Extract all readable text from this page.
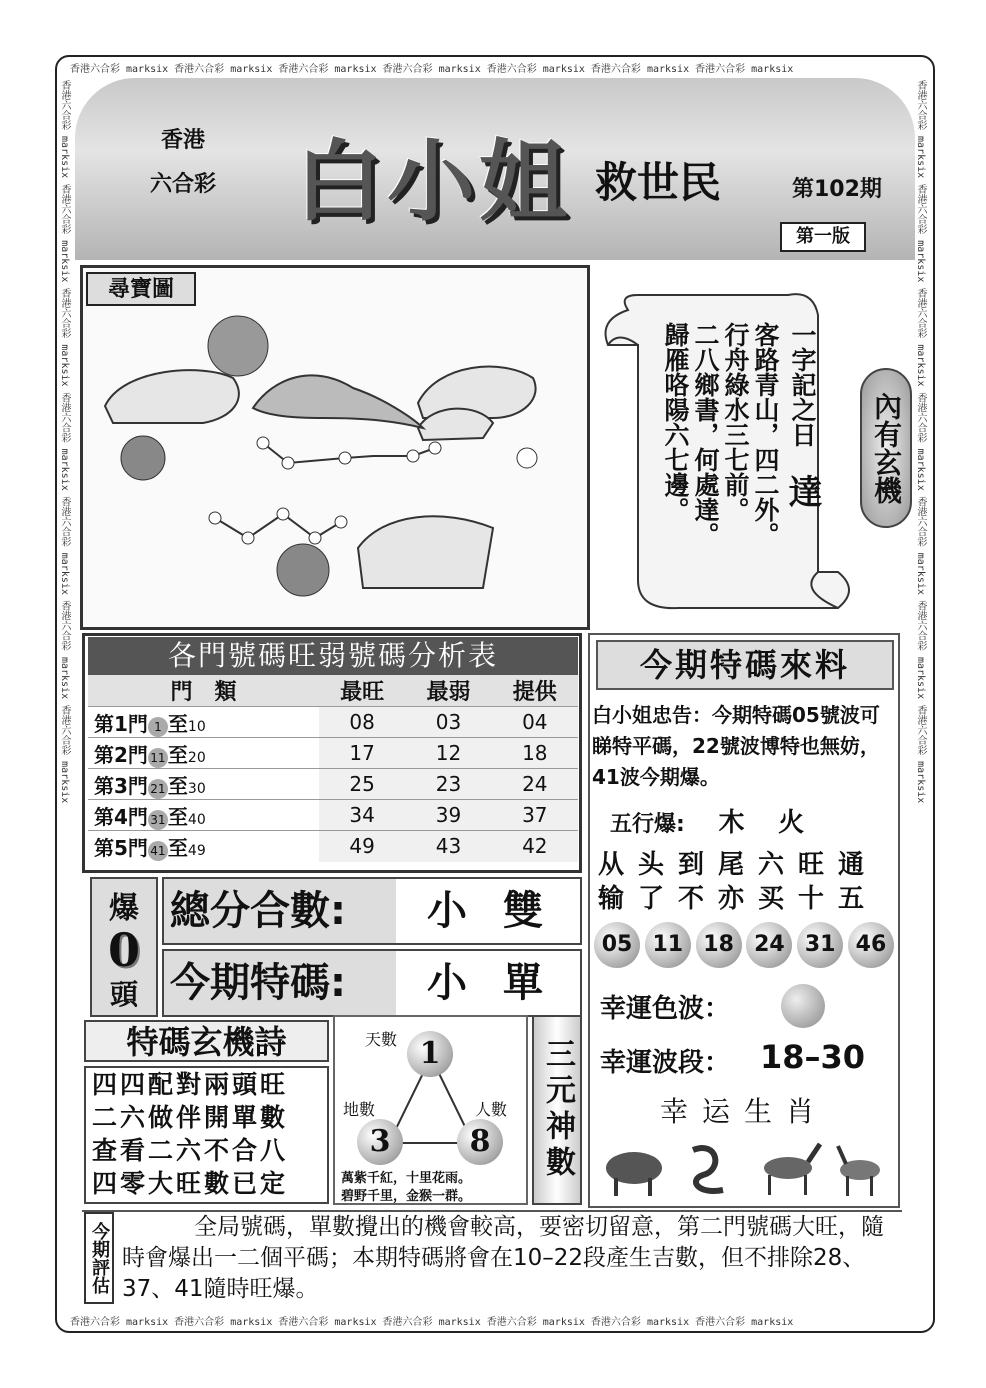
香港六合彩 marksix 香港六合彩 marksix 香港六合彩 marksix 香港六合彩 marksix 香港六合彩 marksix 香港六合彩 marksix 香港六合彩 marksix
香港六合彩 marksix 香港六合彩 marksix 香港六合彩 marksix 香港六合彩 marksix 香港六合彩 marksix 香港六合彩 marksix 香港六合彩 marksix
香港六合彩 marksix 香港六合彩 marksix 香港六合彩 marksix 香港六合彩 marksix 香港六合彩 marksix 香港六合彩 marksix 香港六合彩 marksix	香港六合彩 marksix 香港六合彩 marksix 香港六合彩 marksix 香港六合彩 marksix 香港六合彩 marksix 香港六合彩 marksix 香港六合彩 marksix
香港
六合彩 白小姐 救世民	第102期
第一版
尋寶圖
一字記之日
達
客路青山，四二外。
行舟綠水三七前。
二八鄉書，何處達。
歸雁咯陽六七邊。	內有玄機
各門號碼旺弱號碼分析表
門　類	最旺	最弱	提供
第1門 1 至10	08	03	04
第2門 11 至20	17	12	18
第3門 21 至30	25	23	24
第4門 31 至40	34	39	37
第5門 41 至49	49	43	42
今期特碼來料
白小姐忠告：今期特碼05號波可睇特平碼，22號波博特也無妨，41波今期爆。
五行爆: 木 火
从头到尾六旺通
输了不亦买十五
05 11 18 24 31 46
幸運色波：
幸運波段： 18–30
幸运生肖
爆
0
頭
總分合數:	小雙
今期特碼:	小單
特碼玄機詩
四四配對兩頭旺
二六做伴開單數
查看二六不合八
四零大旺數已定
天數 1
地數
3
人數
8
萬紫千紅，十里花雨。
碧野千里，金猴一群。
三元神數
今期評估	全局號碼，單數攪出的機會較高，要密切留意，第二門號碼大旺，隨時會爆出一二個平碼；本期特碼將會在10–22段產生吉數，但不排除28、37、41隨時旺爆。
